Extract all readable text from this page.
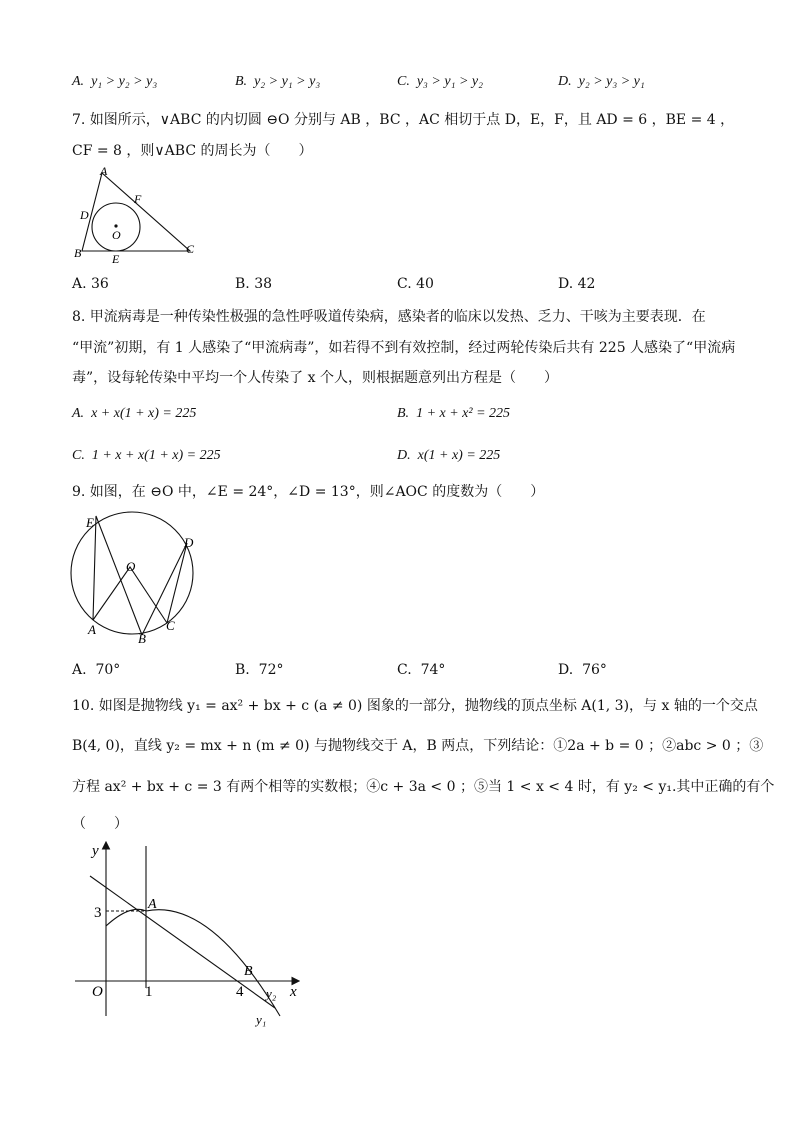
A. y₁ > y₂ > y₃	B. y₂ > y₁ > y₃	C. y₃ > y₁ > y₂	D. y₂ > y₃ > y₁
7. 如图所示，∨ABC 的内切圆 ⊖O 分别与 AB ，BC ，AC 相切于点 D，E，F，且 AD = 6 ，BE = 4 ，
CF = 8 ，则∨ABC 的周长为（　　）
A
B	C
D
E
F
O
A. 36	B. 38	C. 40	D. 42
8. 甲流病毒是一种传染性极强的急性呼吸道传染病，感染者的临床以发热、乏力、干咳为主要表现．在
“甲流”初期，有 1 人感染了“甲流病毒”，如若得不到有效控制，经过两轮传染后共有 225 人感染了“甲流病
毒”，设每轮传染中平均一个人传染了 x 个人，则根据题意列出方程是（　　）
A. x + x(1 + x) = 225	B. 1 + x + x² = 225
C. 1 + x + x(1 + x) = 225	D. x(1 + x) = 225
9. 如图，在 ⊖O 中，∠E = 24°，∠D = 13°，则∠AOC 的度数为（　　）
E
D
O
A
B
C
A. 70°	B. 72°	C. 74°	D. 76°
10. 如图是抛物线 y₁ = ax² + bx + c (a ≠ 0) 图象的一部分，抛物线的顶点坐标 A(1, 3)，与 x 轴的一个交点
B(4, 0)，直线 y₂ = mx + n (m ≠ 0) 与抛物线交于 A，B 两点，下列结论：①2a + b = 0 ；②abc > 0 ；③
方程 ax² + bx + c = 3 有两个相等的实数根；④c + 3a < 0 ；⑤当 1 < x < 4 时，有 y₂ < y₁.其中正确的有个
（　　）
y
x
O	1	4
3
A
B
y₂
y₁
